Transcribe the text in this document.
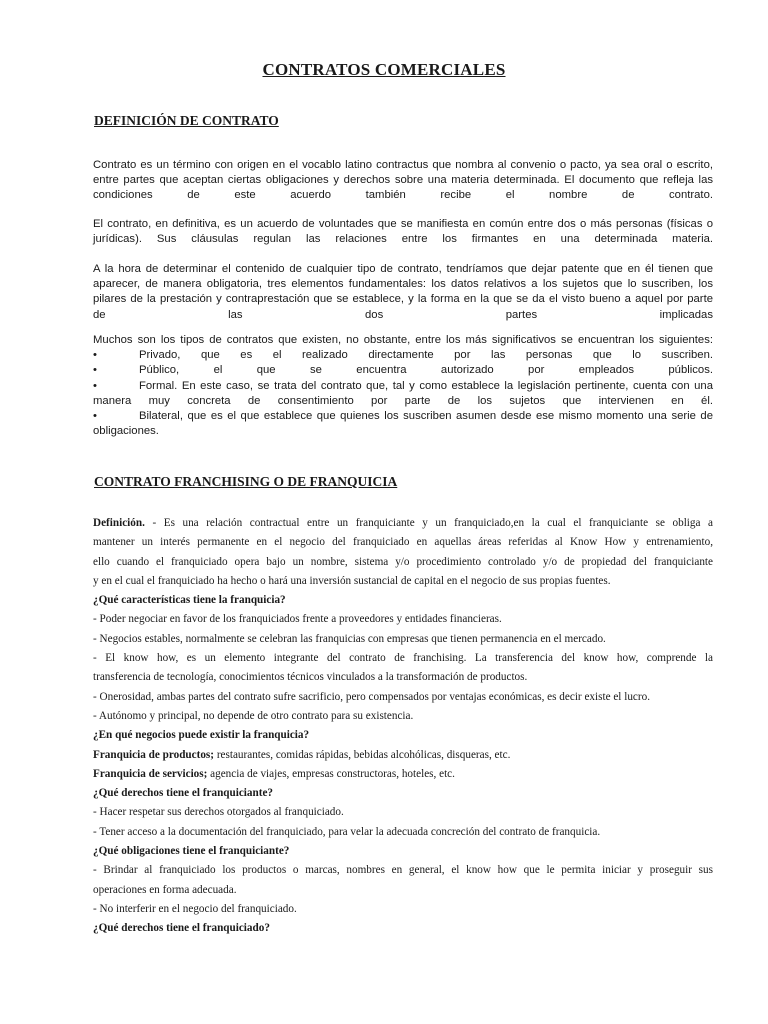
CONTRATOS COMERCIALES
DEFINICIÓN DE CONTRATO
Contrato es un término con origen en el vocablo latino contractus que nombra al convenio o pacto, ya sea oral o escrito,
entre partes que aceptan ciertas obligaciones y derechos sobre una materia determinada. El documento que refleja las
condiciones de este acuerdo también recibe el nombre de contrato.
El contrato, en definitiva, es un acuerdo de voluntades que se manifiesta en común entre dos o más personas (físicas o
jurídicas). Sus cláusulas regulan las relaciones entre los firmantes en una determinada materia.
A la hora de determinar el contenido de cualquier tipo de contrato, tendríamos que dejar patente que en él tienen que
aparecer, de manera obligatoria, tres elementos fundamentales: los datos relativos a los sujetos que lo suscriben, los
pilares de la prestación y contraprestación que se establece, y la forma en la que se da el visto bueno a aquel por parte
de las dos partes implicadas
Muchos son los tipos de contratos que existen, no obstante, entre los más significativos se encuentran los siguientes:
•	Privado, que es el realizado directamente por las personas que lo suscriben.
•	Público, el que se encuentra autorizado por empleados públicos.
•	Formal. En este caso, se trata del contrato que, tal y como establece la legislación pertinente, cuenta con una
manera muy concreta de consentimiento por parte de los sujetos que intervienen en él.
•	Bilateral, que es el que establece que quienes los suscriben asumen desde ese mismo momento una serie de
obligaciones.
CONTRATO FRANCHISING O DE FRANQUICIA
Definición. - Es una relación contractual entre un franquiciante y un franquiciado,en la cual el franquiciante se obliga a
mantener un interés permanente en el negocio del franquiciado en aquellas áreas referidas al Know How y entrenamiento,
ello cuando el franquiciado opera bajo un nombre, sistema y/o procedimiento controlado y/o de propiedad del franquiciante
y en el cual el franquiciado ha hecho o hará una inversión sustancial de capital en el negocio de sus propias fuentes.
¿Qué características tiene la franquicia?
- Poder negociar en favor de los franquiciados frente a proveedores y entidades financieras.
- Negocios estables, normalmente se celebran las franquicias con empresas que tienen permanencia en el mercado.
- El know how, es un elemento integrante del contrato de franchising. La transferencia del know how, comprende la
transferencia de tecnología, conocimientos técnicos vinculados a la transformación de productos.
- Onerosidad, ambas partes del contrato sufre sacrificio, pero compensados por ventajas económicas, es decir existe el lucro.
- Autónomo y principal, no depende de otro contrato para su existencia.
¿En qué negocios puede existir la franquicia?
Franquicia de productos; restaurantes, comidas rápidas, bebidas alcohólicas, disqueras, etc.
Franquicia de servicios; agencia de viajes, empresas constructoras, hoteles, etc.
¿Qué derechos tiene el franquiciante?
- Hacer respetar sus derechos otorgados al franquiciado.
- Tener acceso a la documentación del franquiciado, para velar la adecuada concreción del contrato de franquicia.
¿Qué obligaciones tiene el franquiciante?
- Brindar al franquiciado los productos o marcas, nombres en general, el know how que le permita iniciar y proseguir sus
operaciones en forma adecuada.
- No interferir en el negocio del franquiciado.
¿Qué derechos tiene el franquiciado?
